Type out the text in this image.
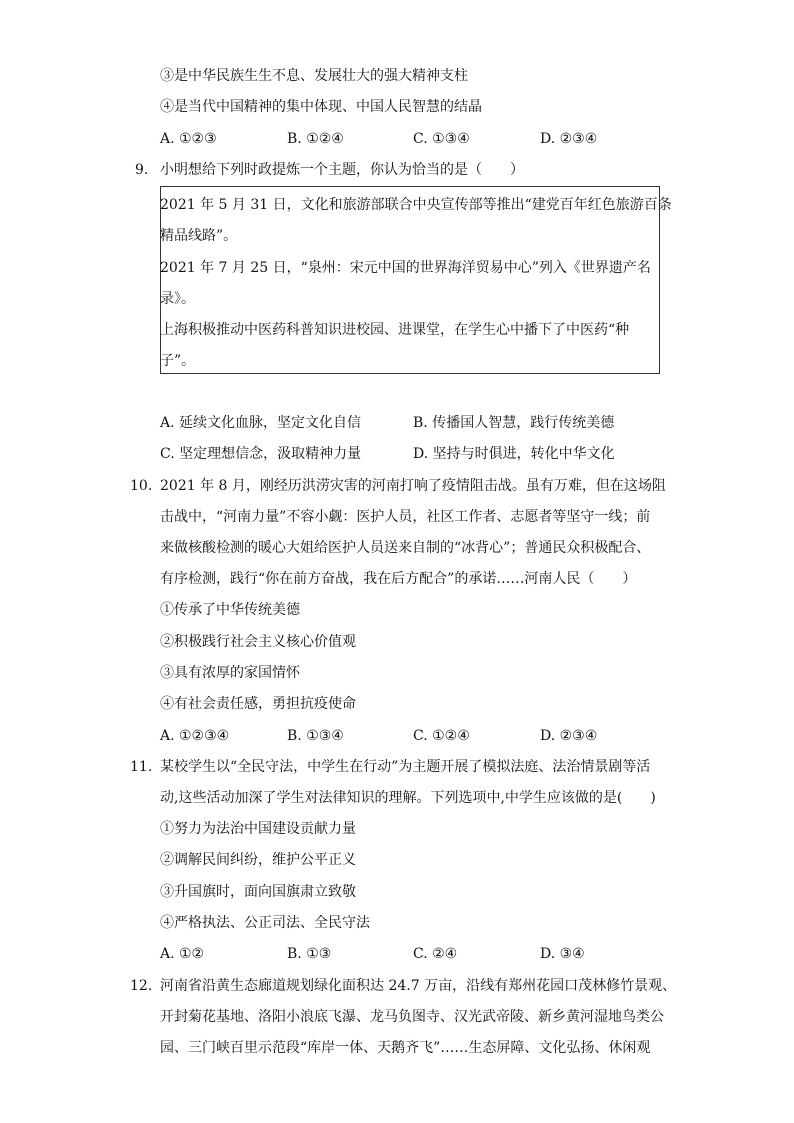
③是中华民族生生不息、发展壮大的强大精神支柱
④是当代中国精神的集中体现、中国人民智慧的结晶
A. ①②③	B. ①②④	C. ①③④	D. ②③④
9. 小明想给下列时政提炼一个主题，你认为恰当的是（　　）
2021 年 5 月 31 日，文化和旅游部联合中央宣传部等推出“建党百年红色旅游百条
精品线路”。
2021 年 7 月 25 日，“泉州：宋元中国的世界海洋贸易中心”列入《世界遗产名
录》。
上海积极推动中医药科普知识进校园、进课堂，在学生心中播下了中医药“种
子”。
A. 延续文化血脉，坚定文化自信	B. 传播国人智慧，践行传统美德
C. 坚定理想信念，汲取精神力量	D. 坚持与时俱进，转化中华文化
10. 2021 年 8 月，刚经历洪涝灾害的河南打响了疫情阻击战。虽有万难，但在这场阻
击战中，“河南力量”不容小觑：医护人员，社区工作者、志愿者等坚守一线；前
来做核酸检测的暖心大姐给医护人员送来自制的“冰背心”；普通民众积极配合、
有序检测，践行“你在前方奋战，我在后方配合”的承诺……河南人民（　　）
①传承了中华传统美德
②积极践行社会主义核心价值观
③具有浓厚的家国情怀
④有社会责任感，勇担抗疫使命
A. ①②③④	B. ①③④	C. ①②④	D. ②③④
11. 某校学生以“全民守法，中学生在行动”为主题开展了模拟法庭、法治情景剧等活
动,这些活动加深了学生对法律知识的理解。下列选项中,中学生应该做的是(　　)
①努力为法治中国建设贡献力量
②调解民间纠纷，维护公平正义
③升国旗时，面向国旗肃立致敬
④严格执法、公正司法、全民守法
A. ①②	B. ①③	C. ②④	D. ③④
12. 河南省沿黄生态廊道规划绿化面积达 24.7 万亩，沿线有郑州花园口茂林修竹景观、
开封菊花基地、洛阳小浪底飞瀑、龙马负图寺、汉光武帝陵、新乡黄河湿地鸟类公
园、三门峡百里示范段“库岸一体、天鹅齐飞”……生态屏障、文化弘扬、休闲观
